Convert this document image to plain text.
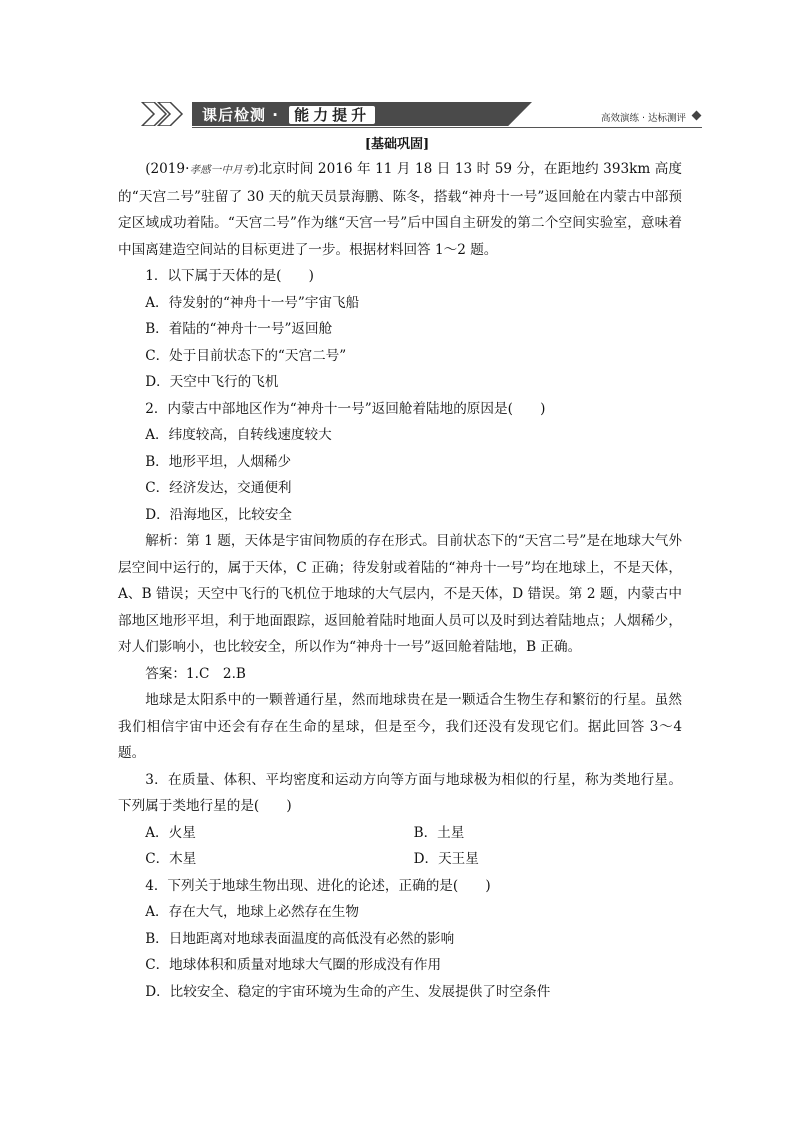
课后检测 · 能力提升	高效演练 · 达标测评
[基础巩固]

(2019·孝感一中月考)北京时间 2016 年 11 月 18 日 13 时 59 分，在距地约 393km 高度的“天宫二号”驻留了 30 天的航天员景海鹏、陈冬，搭载“神舟十一号”返回舱在内蒙古中部预定区域成功着陆。“天宫二号”作为继“天宫一号”后中国自主研发的第二个空间实验室，意味着中国离建造空间站的目标更进了一步。根据材料回答 1～2 题。

1．以下属于天体的是(　　)

A．待发射的“神舟十一号”宇宙飞船

B．着陆的“神舟十一号”返回舱

C．处于目前状态下的“天宫二号”

D．天空中飞行的飞机

2．内蒙古中部地区作为“神舟十一号”返回舱着陆地的原因是(　　)

A．纬度较高，自转线速度较大

B．地形平坦，人烟稀少

C．经济发达，交通便利

D．沿海地区，比较安全

解析：第 1 题，天体是宇宙间物质的存在形式。目前状态下的“天宫二号”是在地球大气外层空间中运行的，属于天体，C 正确；待发射或着陆的“神舟十一号”均在地球上，不是天体，A、B 错误；天空中飞行的飞机位于地球的大气层内，不是天体，D 错误。第 2 题，内蒙古中部地区地形平坦，利于地面跟踪，返回舱着陆时地面人员可以及时到达着陆地点；人烟稀少，对人们影响小，也比较安全，所以作为“神舟十一号”返回舱着陆地，B 正确。

答案：1.C　2.B

地球是太阳系中的一颗普通行星，然而地球贵在是一颗适合生物生存和繁衍的行星。虽然我们相信宇宙中还会有存在生命的星球，但是至今，我们还没有发现它们。据此回答 3～4 题。

3．在质量、体积、平均密度和运动方向等方面与地球极为相似的行星，称为类地行星。下列属于类地行星的是(　　)

A．火星	B．土星
C．木星	D．天王星

4．下列关于地球生物出现、进化的论述，正确的是(　　)

A．存在大气，地球上必然存在生物

B．日地距离对地球表面温度的高低没有必然的影响

C．地球体积和质量对地球大气圈的形成没有作用

D．比较安全、稳定的宇宙环境为生命的产生、发展提供了时空条件
